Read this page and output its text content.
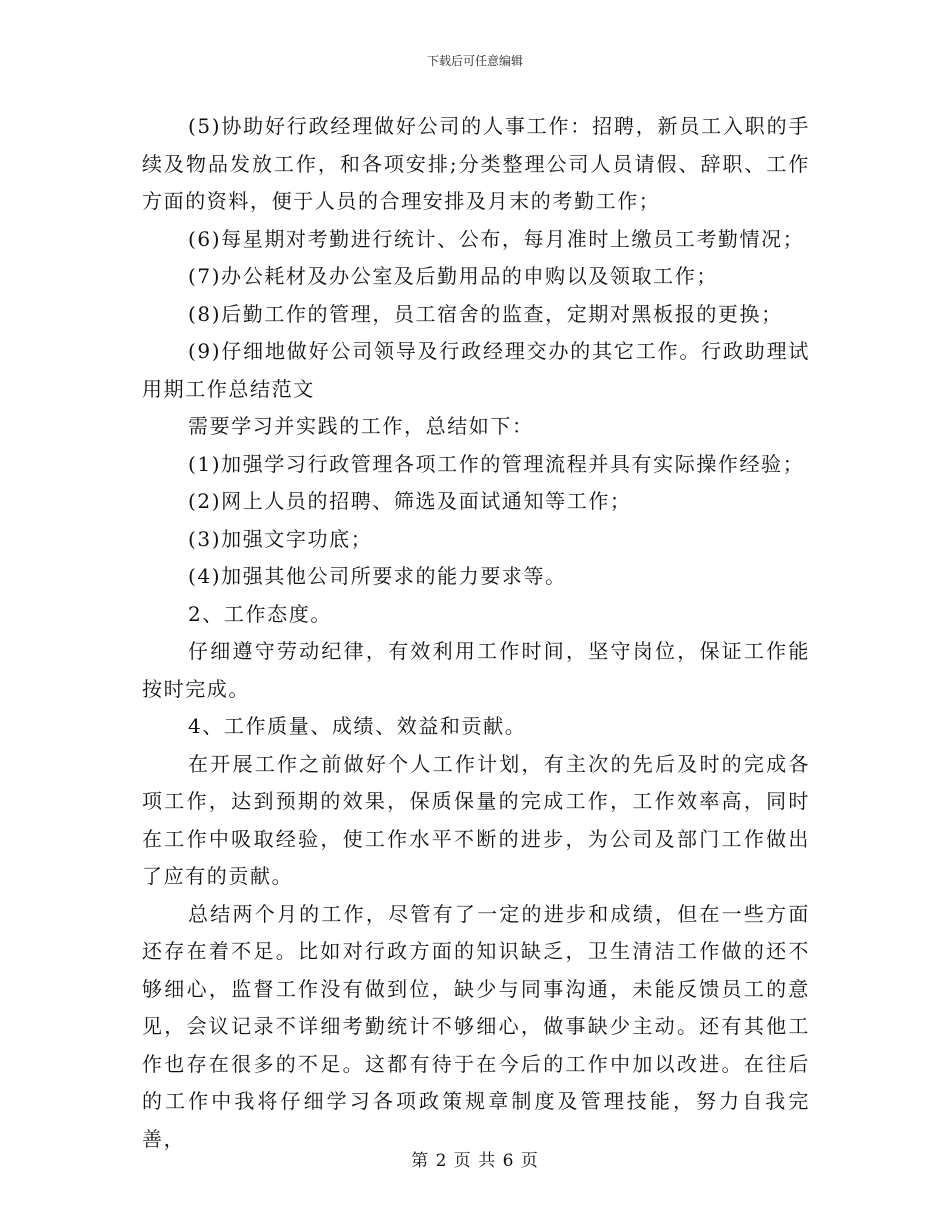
下载后可任意编辑

(5)协助好行政经理做好公司的人事工作：招聘，新员工入职的手续及物品发放工作，和各项安排;分类整理公司人员请假、辞职、工作方面的资料，便于人员的合理安排及月末的考勤工作；

(6)每星期对考勤进行统计、公布，每月准时上缴员工考勤情况；

(7)办公耗材及办公室及后勤用品的申购以及领取工作；

(8)后勤工作的管理，员工宿舍的监查，定期对黑板报的更换；

(9)仔细地做好公司领导及行政经理交办的其它工作。行政助理试用期工作总结范文

需要学习并实践的工作，总结如下：

(1)加强学习行政管理各项工作的管理流程并具有实际操作经验；

(2)网上人员的招聘、筛选及面试通知等工作；

(3)加强文字功底；

(4)加强其他公司所要求的能力要求等。

2、工作态度。

仔细遵守劳动纪律，有效利用工作时间，坚守岗位，保证工作能按时完成。

4、工作质量、成绩、效益和贡献。

在开展工作之前做好个人工作计划，有主次的先后及时的完成各项工作，达到预期的效果，保质保量的完成工作，工作效率高，同时在工作中吸取经验，使工作水平不断的进步，为公司及部门工作做出了应有的贡献。

总结两个月的工作，尽管有了一定的进步和成绩，但在一些方面还存在着不足。比如对行政方面的知识缺乏，卫生清洁工作做的还不够细心，监督工作没有做到位，缺少与同事沟通，未能反馈员工的意见，会议记录不详细考勤统计不够细心，做事缺少主动。还有其他工作也存在很多的不足。这都有待于在今后的工作中加以改进。在往后的工作中我将仔细学习各项政策规章制度及管理技能，努力自我完善，

第 2 页 共 6 页
